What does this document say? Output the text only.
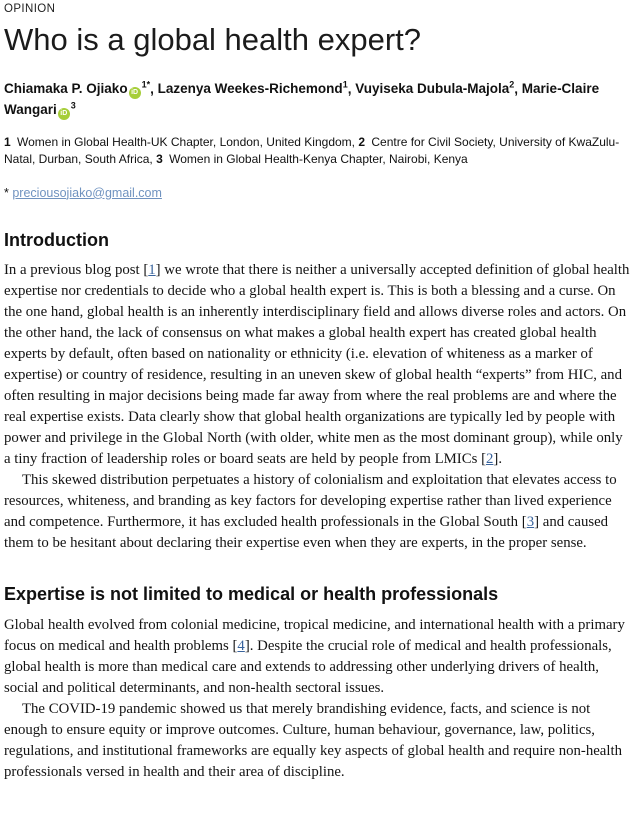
OPINION
Who is a global health expert?

Chiamaka P. Ojiako $iD^{1*}$, Lazenya Weekes-Richemond$^1$, Vuyiseka Dubula-Majola$^2$, Marie-Claire Wangari $iD^3$

1 Women in Global Health-UK Chapter, London, United Kingdom, 2 Centre for Civil Society, University of KwaZulu-Natal, Durban, South Africa, 3 Women in Global Health-Kenya Chapter, Nairobi, Kenya

* preciousojiako@gmail.com

Introduction

In a previous blog post [1] we wrote that there is neither a universally accepted definition of global health expertise nor credentials to decide who a global health expert is. This is both a blessing and a curse. On the one hand, global health is an inherently interdisciplinary field and allows diverse roles and actors. On the other hand, the lack of consensus on what makes a global health expert has created global health experts by default, often based on nationality or ethnicity (i.e. elevation of whiteness as a marker of expertise) or country of residence, resulting in an uneven skew of global health “experts” from HIC, and often resulting in major decisions being made far away from where the real problems are and where the real expertise exists. Data clearly show that global health organizations are typically led by people with power and privilege in the Global North (with older, white men as the most dominant group), while only a tiny fraction of leadership roles or board seats are held by people from LMICs [2].

This skewed distribution perpetuates a history of colonialism and exploitation that elevates access to resources, whiteness, and branding as key factors for developing expertise rather than lived experience and competence. Furthermore, it has excluded health professionals in the Global South [3] and caused them to be hesitant about declaring their expertise even when they are experts, in the proper sense.

Expertise is not limited to medical or health professionals

Global health evolved from colonial medicine, tropical medicine, and international health with a primary focus on medical and health problems [4]. Despite the crucial role of medical and health professionals, global health is more than medical care and extends to addressing other underlying drivers of health, social and political determinants, and non-health sectoral issues.

The COVID-19 pandemic showed us that merely brandishing evidence, facts, and science is not enough to ensure equity or improve outcomes. Culture, human behaviour, governance, law, politics, regulations, and institutional frameworks are equally key aspects of global health and require non-health professionals versed in health and their area of discipline.
